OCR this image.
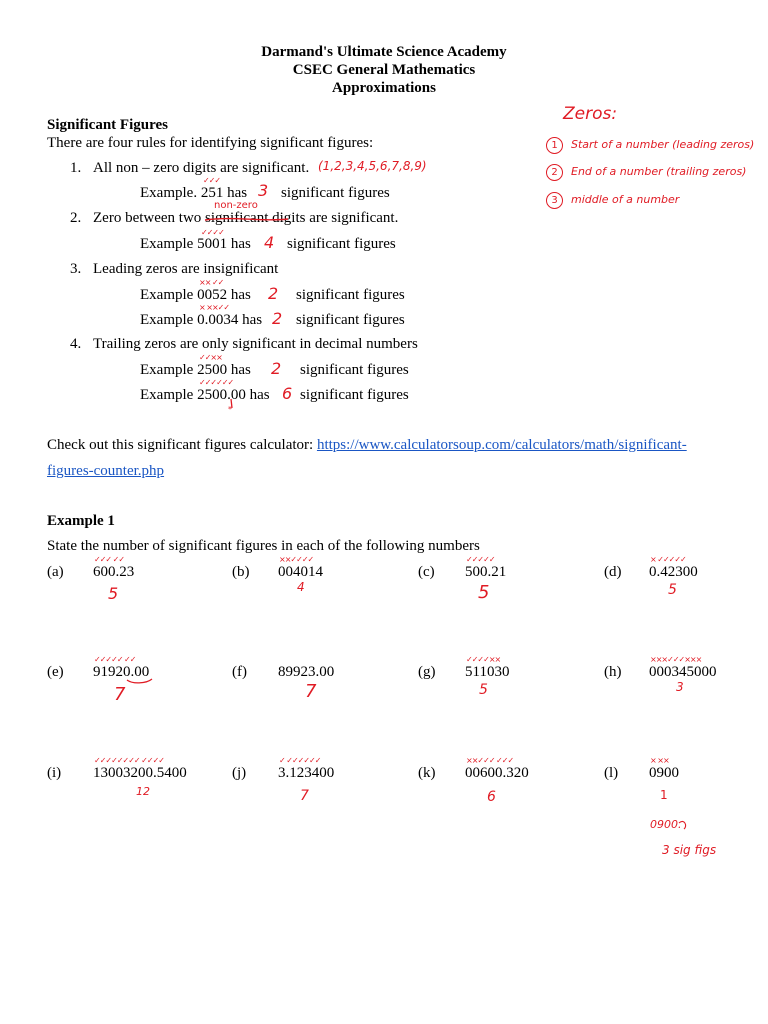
Darmand's Ultimate Science Academy
CSEC General Mathematics
Approximations
Significant Figures
There are four rules for identifying significant figures:
1. All non – zero digits are significant. (1,2,3,4,5,6,7,8,9)
✓✓✓
Example. 251 has 3 significant figures
2. Zero between two significant digits are significant.
non-zero
✓✓✓✓
Example 5001 has 4 significant figures
3. Leading zeros are insignificant
×× ✓✓
Example 0052 has 2 significant figures
× ××✓✓
Example 0.0034 has 2 significant figures
4. Trailing zeros are only significant in decimal numbers
✓✓××
Example 2500 has 2 significant figures
✓✓✓✓✓✓
Example 2500.00 has 6 significant figures
Check out this significant figures calculator: https://www.calculatorsoup.com/calculators/math/significant-
figures-counter.php
Example 1
State the number of significant figures in each of the following numbers
(a)
✓✓✓ ✓✓
600.23
5
(b)
××✓✓✓✓
004014
4
(c)
✓✓✓✓✓
500.21
5
(d)
× ✓✓✓✓✓
0.42300
5
(e)
✓✓✓✓✓ ✓✓
91920.00
7
(f) 89923.00
7
(g)
✓✓✓✓××
511030
5
(h)
×××✓✓✓×××
000345000
3
(i)
✓✓✓✓✓✓✓✓ ✓✓✓✓
13003200.5400
12
(j)
✓ ✓✓✓✓✓✓
3.123400
7
(k)
××✓✓✓ ✓✓✓
00600.320
6
(l)
× ××
0900
1
0900.
3 sig figs
Zeros:
1 Start of a number (leading zeros)
2 End of a number (trailing zeros)
3 middle of a number
*
